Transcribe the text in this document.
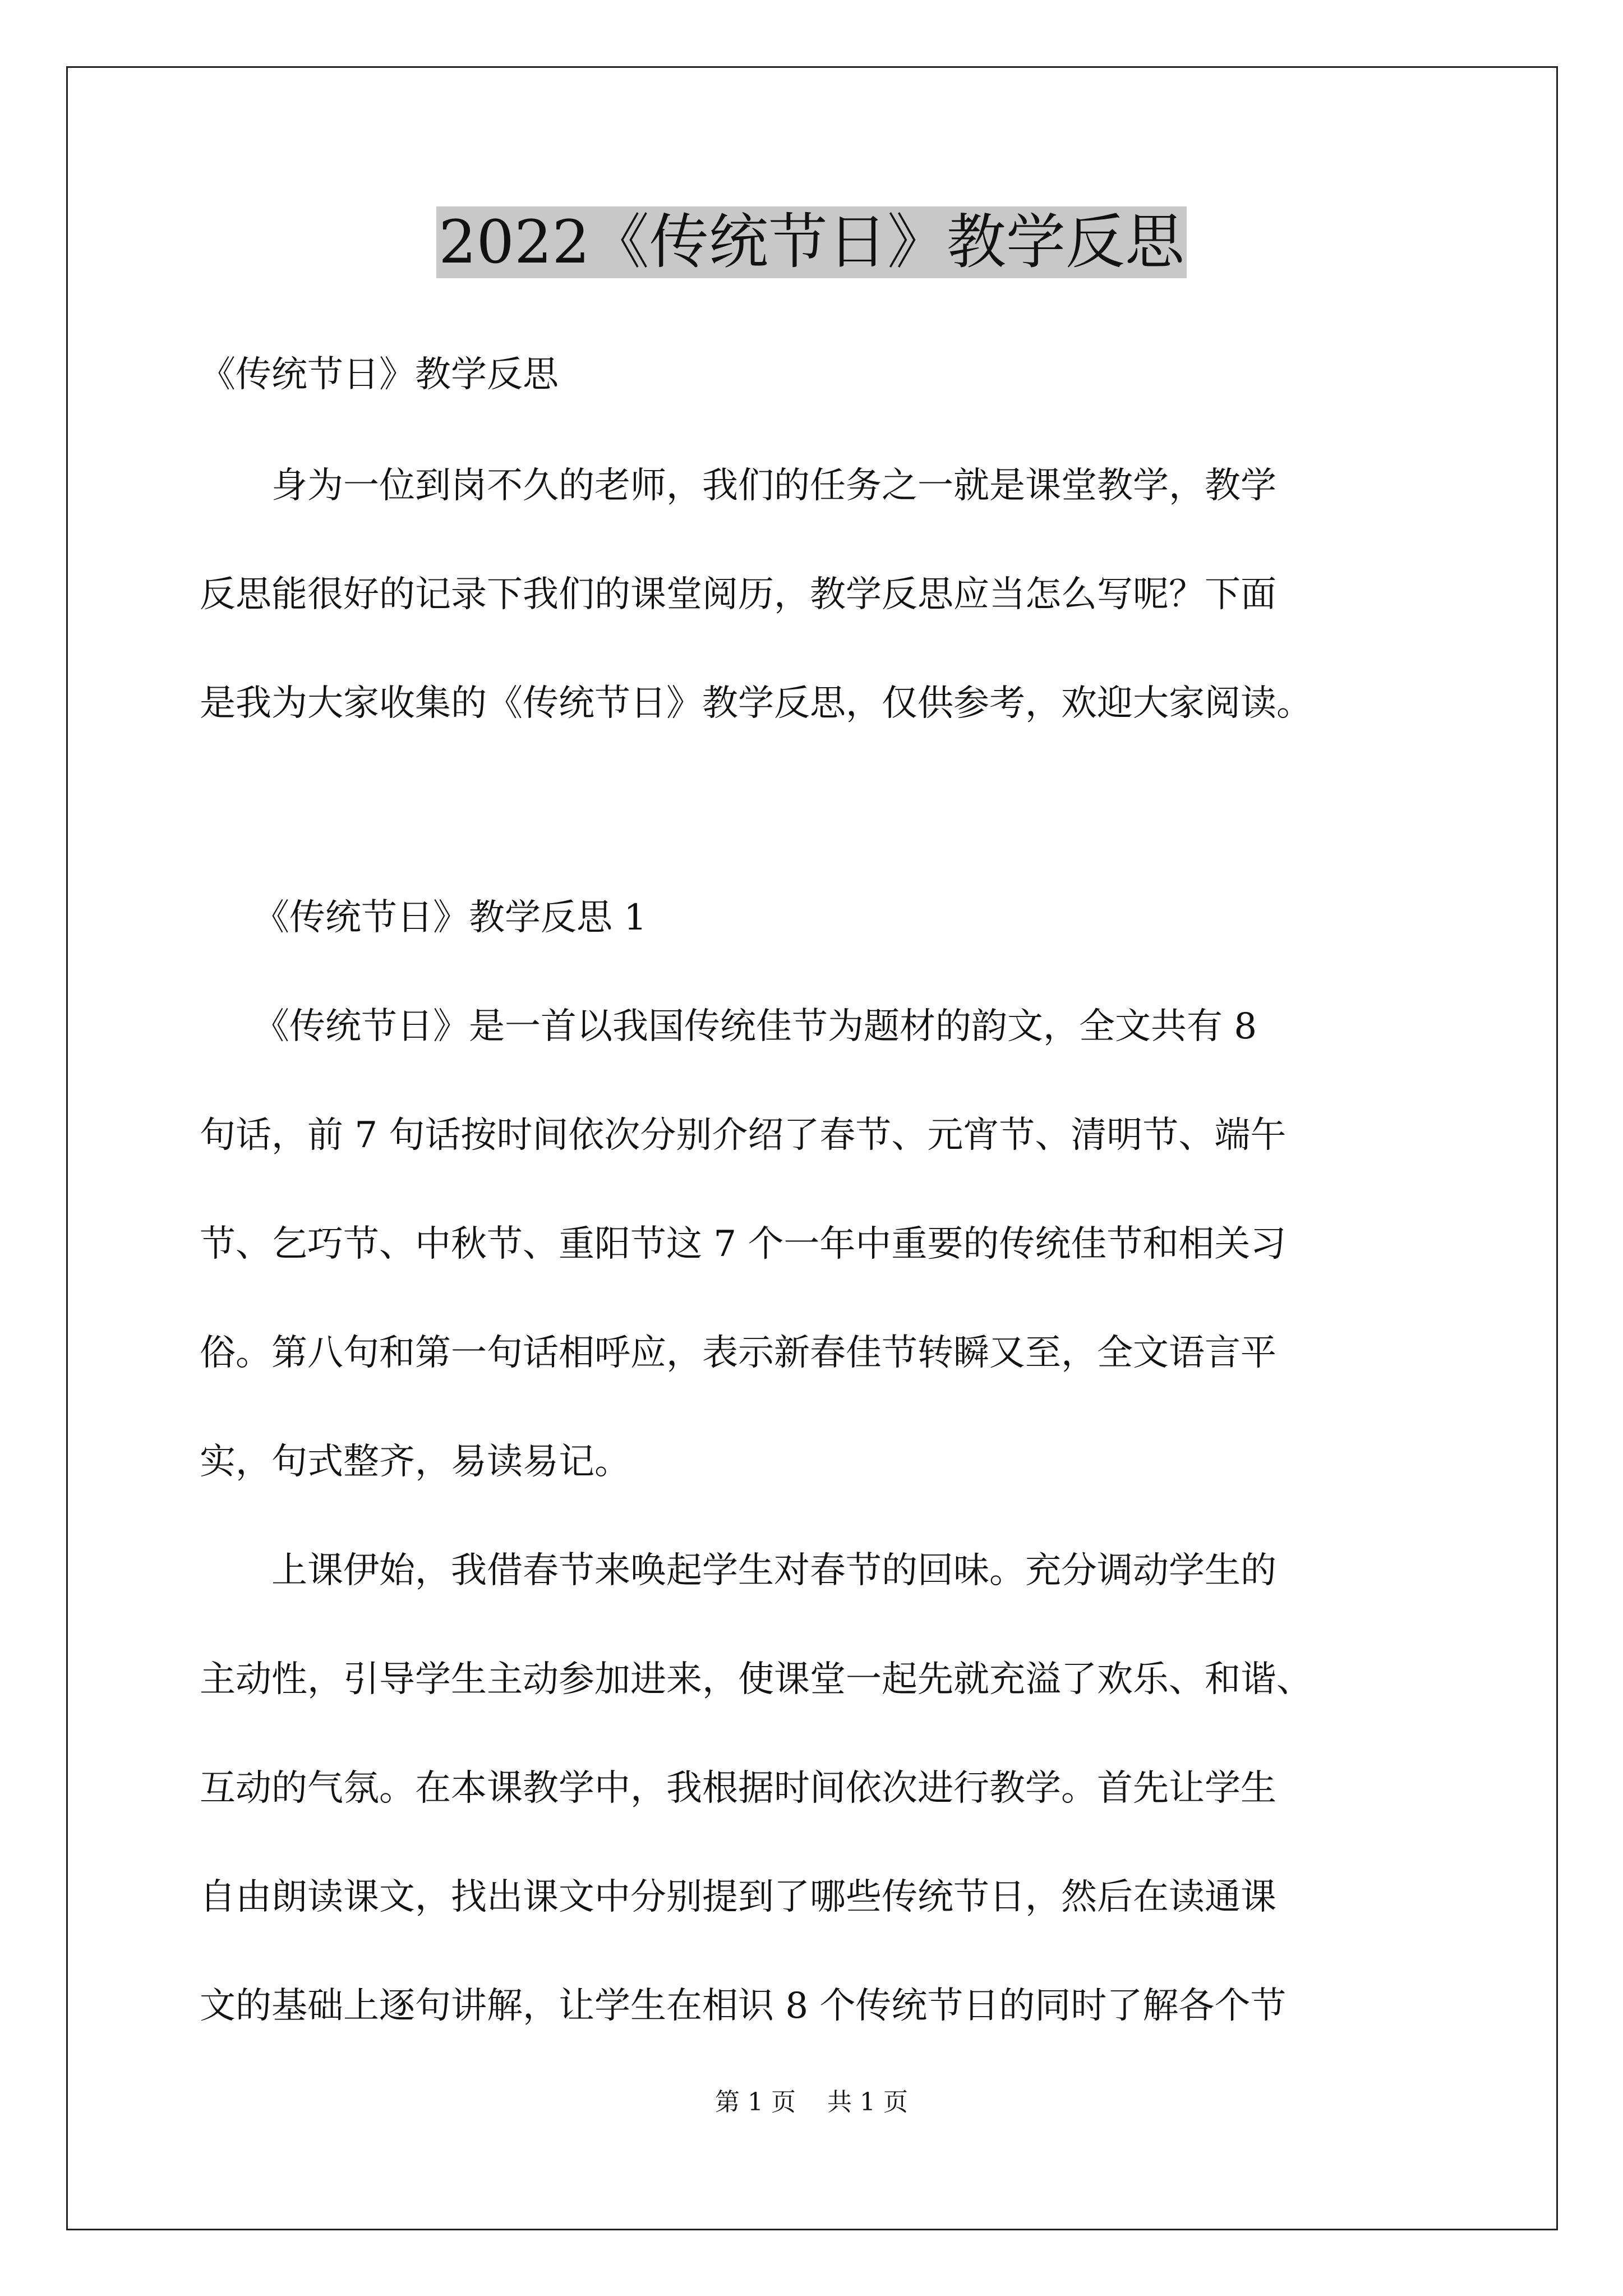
2022《传统节日》教学反思
《传统节日》教学反思
　　身为一位到岗不久的老师，我们的任务之一就是课堂教学，教学
反思能很好的记录下我们的课堂阅历，教学反思应当怎么写呢？下面
是我为大家收集的《传统节日》教学反思，仅供参考，欢迎大家阅读。
　　《传统节日》教学反思 1
　　《传统节日》是一首以我国传统佳节为题材的韵文，全文共有 8
句话，前 7 句话按时间依次分别介绍了春节、元宵节、清明节、端午
节、乞巧节、中秋节、重阳节这 7 个一年中重要的传统佳节和相关习
俗。第八句和第一句话相呼应，表示新春佳节转瞬又至，全文语言平
实，句式整齐，易读易记。
　　上课伊始，我借春节来唤起学生对春节的回味。充分调动学生的
主动性，引导学生主动参加进来，使课堂一起先就充溢了欢乐、和谐、
互动的气氛。在本课教学中，我根据时间依次进行教学。首先让学生
自由朗读课文，找出课文中分别提到了哪些传统节日，然后在读通课
文的基础上逐句讲解，让学生在相识 8 个传统节日的同时了解各个节
第 1 页 共 1 页
